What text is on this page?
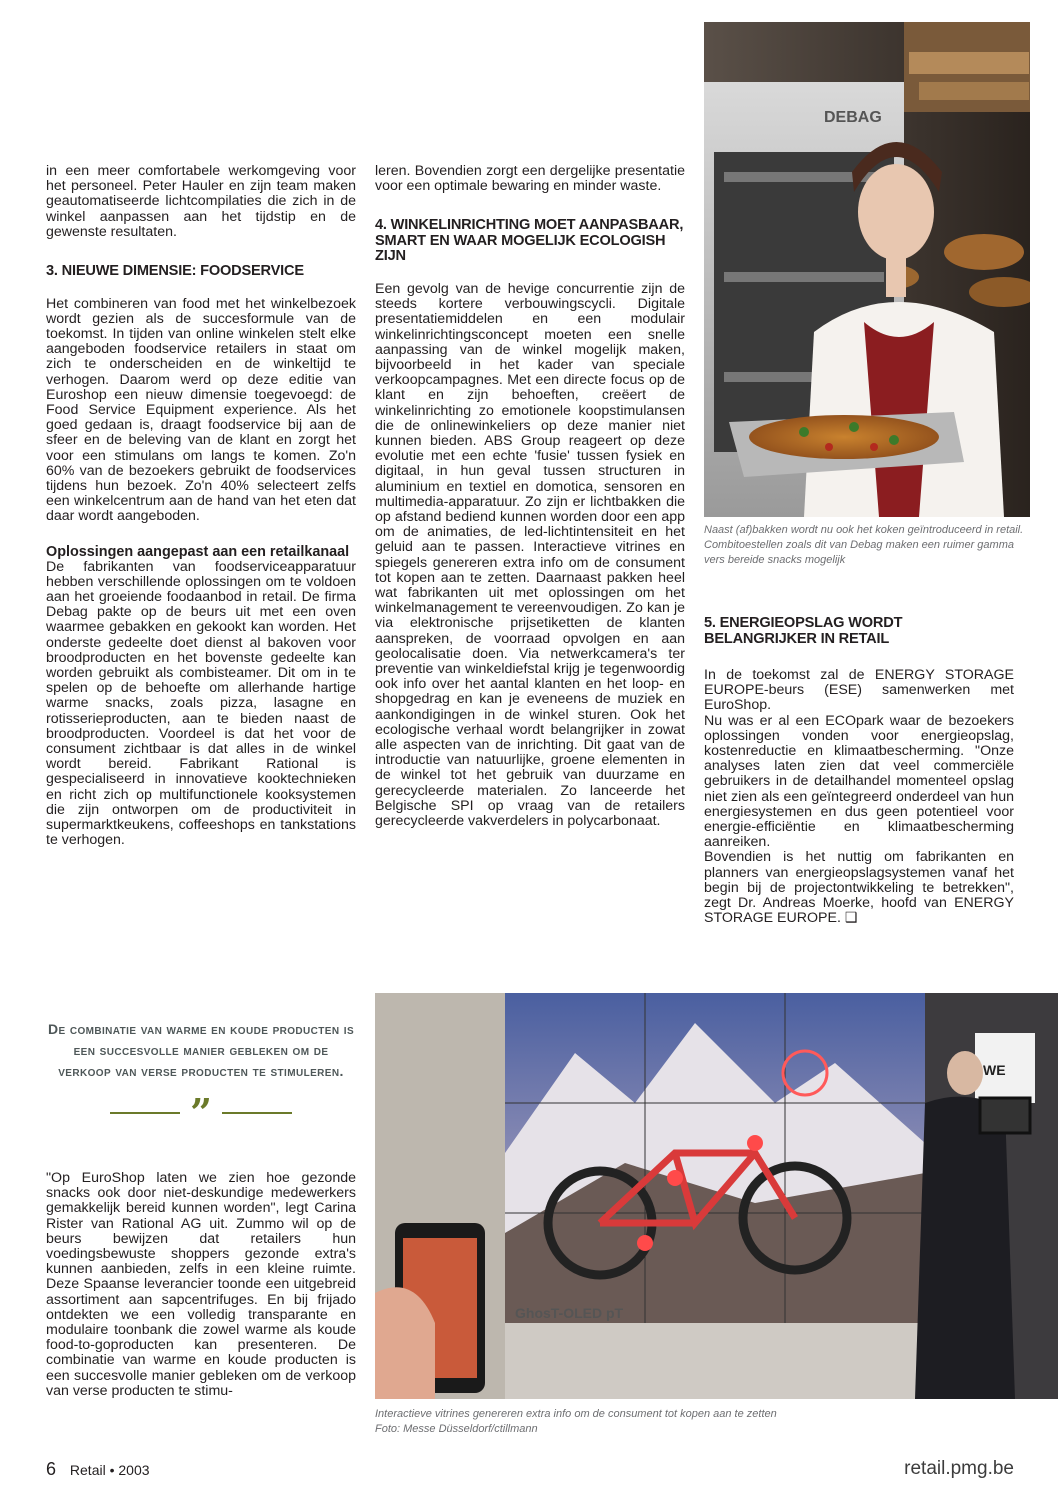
in een meer comfortabele werkomgeving voor het personeel. Peter Hauler en zijn team maken geautomatiseerde lichtcompilaties die zich in de winkel aanpassen aan het tijdstip en de gewenste resultaten.

3. NIEUWE DIMENSIE: FOODSERVICE

Het combineren van food met het winkelbezoek wordt gezien als de succesformule van de toekomst. In tijden van online winkelen stelt elke aangeboden foodservice retailers in staat om zich te onderscheiden en de winkeltijd te verhogen. Daarom werd op deze editie van Euroshop een nieuw dimensie toegevoegd: de Food Service Equipment experience. Als het goed gedaan is, draagt foodservice bij aan de sfeer en de beleving van de klant en zorgt het voor een stimulans om langs te komen. Zo'n 60% van de bezoekers gebruikt de foodservices tijdens hun bezoek. Zo'n 40% selecteert zelfs een winkelcentrum aan de hand van het eten dat daar wordt aangeboden.

Oplossingen aangepast aan een retailkanaal

De fabrikanten van foodserviceapparatuur hebben verschillende oplossingen om te voldoen aan het groeiende foodaanbod in retail. De firma Debag pakte op de beurs uit met een oven waarmee gebakken en gekookt kan worden. Het onderste gedeelte doet dienst al bakoven voor broodproducten en het bovenste gedeelte kan worden gebruikt als combisteamer. Dit om in te spelen op de behoefte om allerhande hartige warme snacks, zoals pizza, lasagne en rotisserieproducten, aan te bieden naast de broodproducten. Voordeel is dat het voor de consument zichtbaar is dat alles in de winkel wordt bereid. Fabrikant Rational is gespecialiseerd in innovatieve kooktechnieken en richt zich op multifunctionele kooksystemen die zijn ontworpen om de productiviteit in supermarktkeukens, coffeeshops en tankstations te verhogen.

De combinatie van warme en koude producten is een succesvolle manier gebleken om de verkoop van verse producten te stimuleren.
”

"Op EuroShop laten we zien hoe gezonde snacks ook door niet-deskundige medewerkers gemakkelijk bereid kunnen worden", legt Carina Rister van Rational AG uit. Zummo wil op de beurs bewijzen dat retailers hun voedingsbewuste shoppers gezonde extra's kunnen aanbieden, zelfs in een kleine ruimte. Deze Spaanse leverancier toonde een uitgebreid assortiment aan sapcentrifuges. En bij frijado ontdekten we een volledig transparante en modulaire toonbank die zowel warme als koude food-to-goproducten kan presenteren. De combinatie van warme en koude producten is een succesvolle manier gebleken om de verkoop van verse producten te stimu-

leren. Bovendien zorgt een dergelijke presentatie voor een optimale bewaring en minder waste.

4. WINKELINRICHTING MOET AANPASBAAR, SMART EN WAAR MOGELIJK ECOLOGISH ZIJN

Een gevolg van de hevige concurrentie zijn de steeds kortere verbouwingscycli. Digitale presentatiemiddelen en een modulair winkelinrichtingsconcept moeten een snelle aanpassing van de winkel mogelijk maken, bijvoorbeeld in het kader van speciale verkoopcampagnes. Met een directe focus op de klant en zijn behoeften, creëert de winkelinrichting zo emotionele koopstimulansen die de onlinewinkeliers op deze manier niet kunnen bieden. ABS Group reageert op deze evolutie met een echte 'fusie' tussen fysiek en digitaal, in hun geval tussen structuren in aluminium en textiel en domotica, sensoren en multimedia-apparatuur. Zo zijn er lichtbakken die op afstand bediend kunnen worden door een app om de animaties, de led-lichtintensiteit en het geluid aan te passen. Interactieve vitrines en spiegels genereren extra info om de consument tot kopen aan te zetten. Daarnaast pakken heel wat fabrikanten uit met oplossingen om het winkelmanagement te vereenvoudigen. Zo kan je via elektronische prijsetiketten de klanten aanspreken, de voorraad opvolgen en aan geolocalisatie doen. Via netwerkcamera's ter preventie van winkeldiefstal krijg je tegenwoordig ook info over het aantal klanten en het loop- en shopgedrag en kan je eveneens de muziek en aankondigingen in de winkel sturen. Ook het ecologische verhaal wordt belangrijker in zowat alle aspecten van de inrichting. Dit gaat van de introductie van natuurlijke, groene elementen in de winkel tot het gebruik van duurzame en gerecycleerde materialen. Zo lanceerde het Belgische SPI op vraag van de retailers gerecycleerde vakverdelers in polycarbonaat.

DEBAG
Naast (af)bakken wordt nu ook het koken geïntroduceerd in retail. Combitoestellen zoals dit van Debag maken een ruimer gamma vers bereide snacks mogelijk

5. ENERGIEOPSLAG WORDT BELANGRIJKER IN RETAIL

In de toekomst zal de ENERGY STORAGE EUROPE-beurs (ESE) samenwerken met EuroShop.

Nu was er al een ECOpark waar de bezoekers oplossingen vonden voor energieopslag, kostenreductie en klimaatbescherming. "Onze analyses laten zien dat veel commerciële gebruikers in de detailhandel momenteel opslag niet zien als een geïntegreerd onderdeel van hun energiesystemen en dus geen potentieel voor energie-efficiëntie en klimaatbescherming aanreiken.

Bovendien is het nuttig om fabrikanten en planners van energieopslagsystemen vanaf het begin bij de projectontwikkeling te betrekken", zegt Dr. Andreas Moerke, hoofd van ENERGY STORAGE EUROPE. ❑

GhosT-OLED pT
WE
Interactieve vitrines genereren extra info om de consument tot kopen aan te zetten
Foto: Messe Düsseldorf/ctillmann
6 Retail • 2003	retail.pmg.be
